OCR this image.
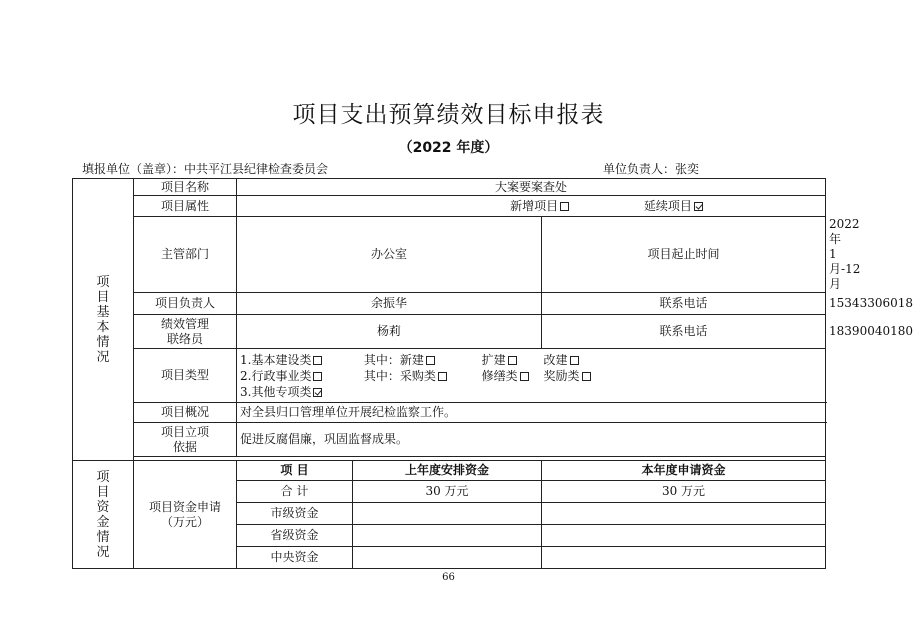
项目支出预算绩效目标申报表
（2022 年度）
填报单位（盖章）：中共平江县纪律检查委员会	单位负责人：张奕
项目基本情况	项目名称	大案要案查处			
	项目属性	新增项目 延续项目			
	主管部门	办公室		项目起止时间	2022 年 1 月-12 月
	项目负责人	余振华		联系电话	15343306018

	绩效管理
联络员	杨莉		联系电话	18390040180
	项目类型	1.基本建设类 其中：新建 扩建 改建
2.行政事业类 其中：采购类 修缮类 奖励类
3.其他专项类			

	项目概况	对全县归口管理单位开展纪检监察工作。			

	项目立项
依据	促进反腐倡廉，巩固监督成果。			

项目资金情况	项目资金申请
（万元）	项 目	上年度安排资金	本年度申请资金	
		合 计	30 万元	30 万元	
		市级资金			
		省级资金			
		中央资金			
66
